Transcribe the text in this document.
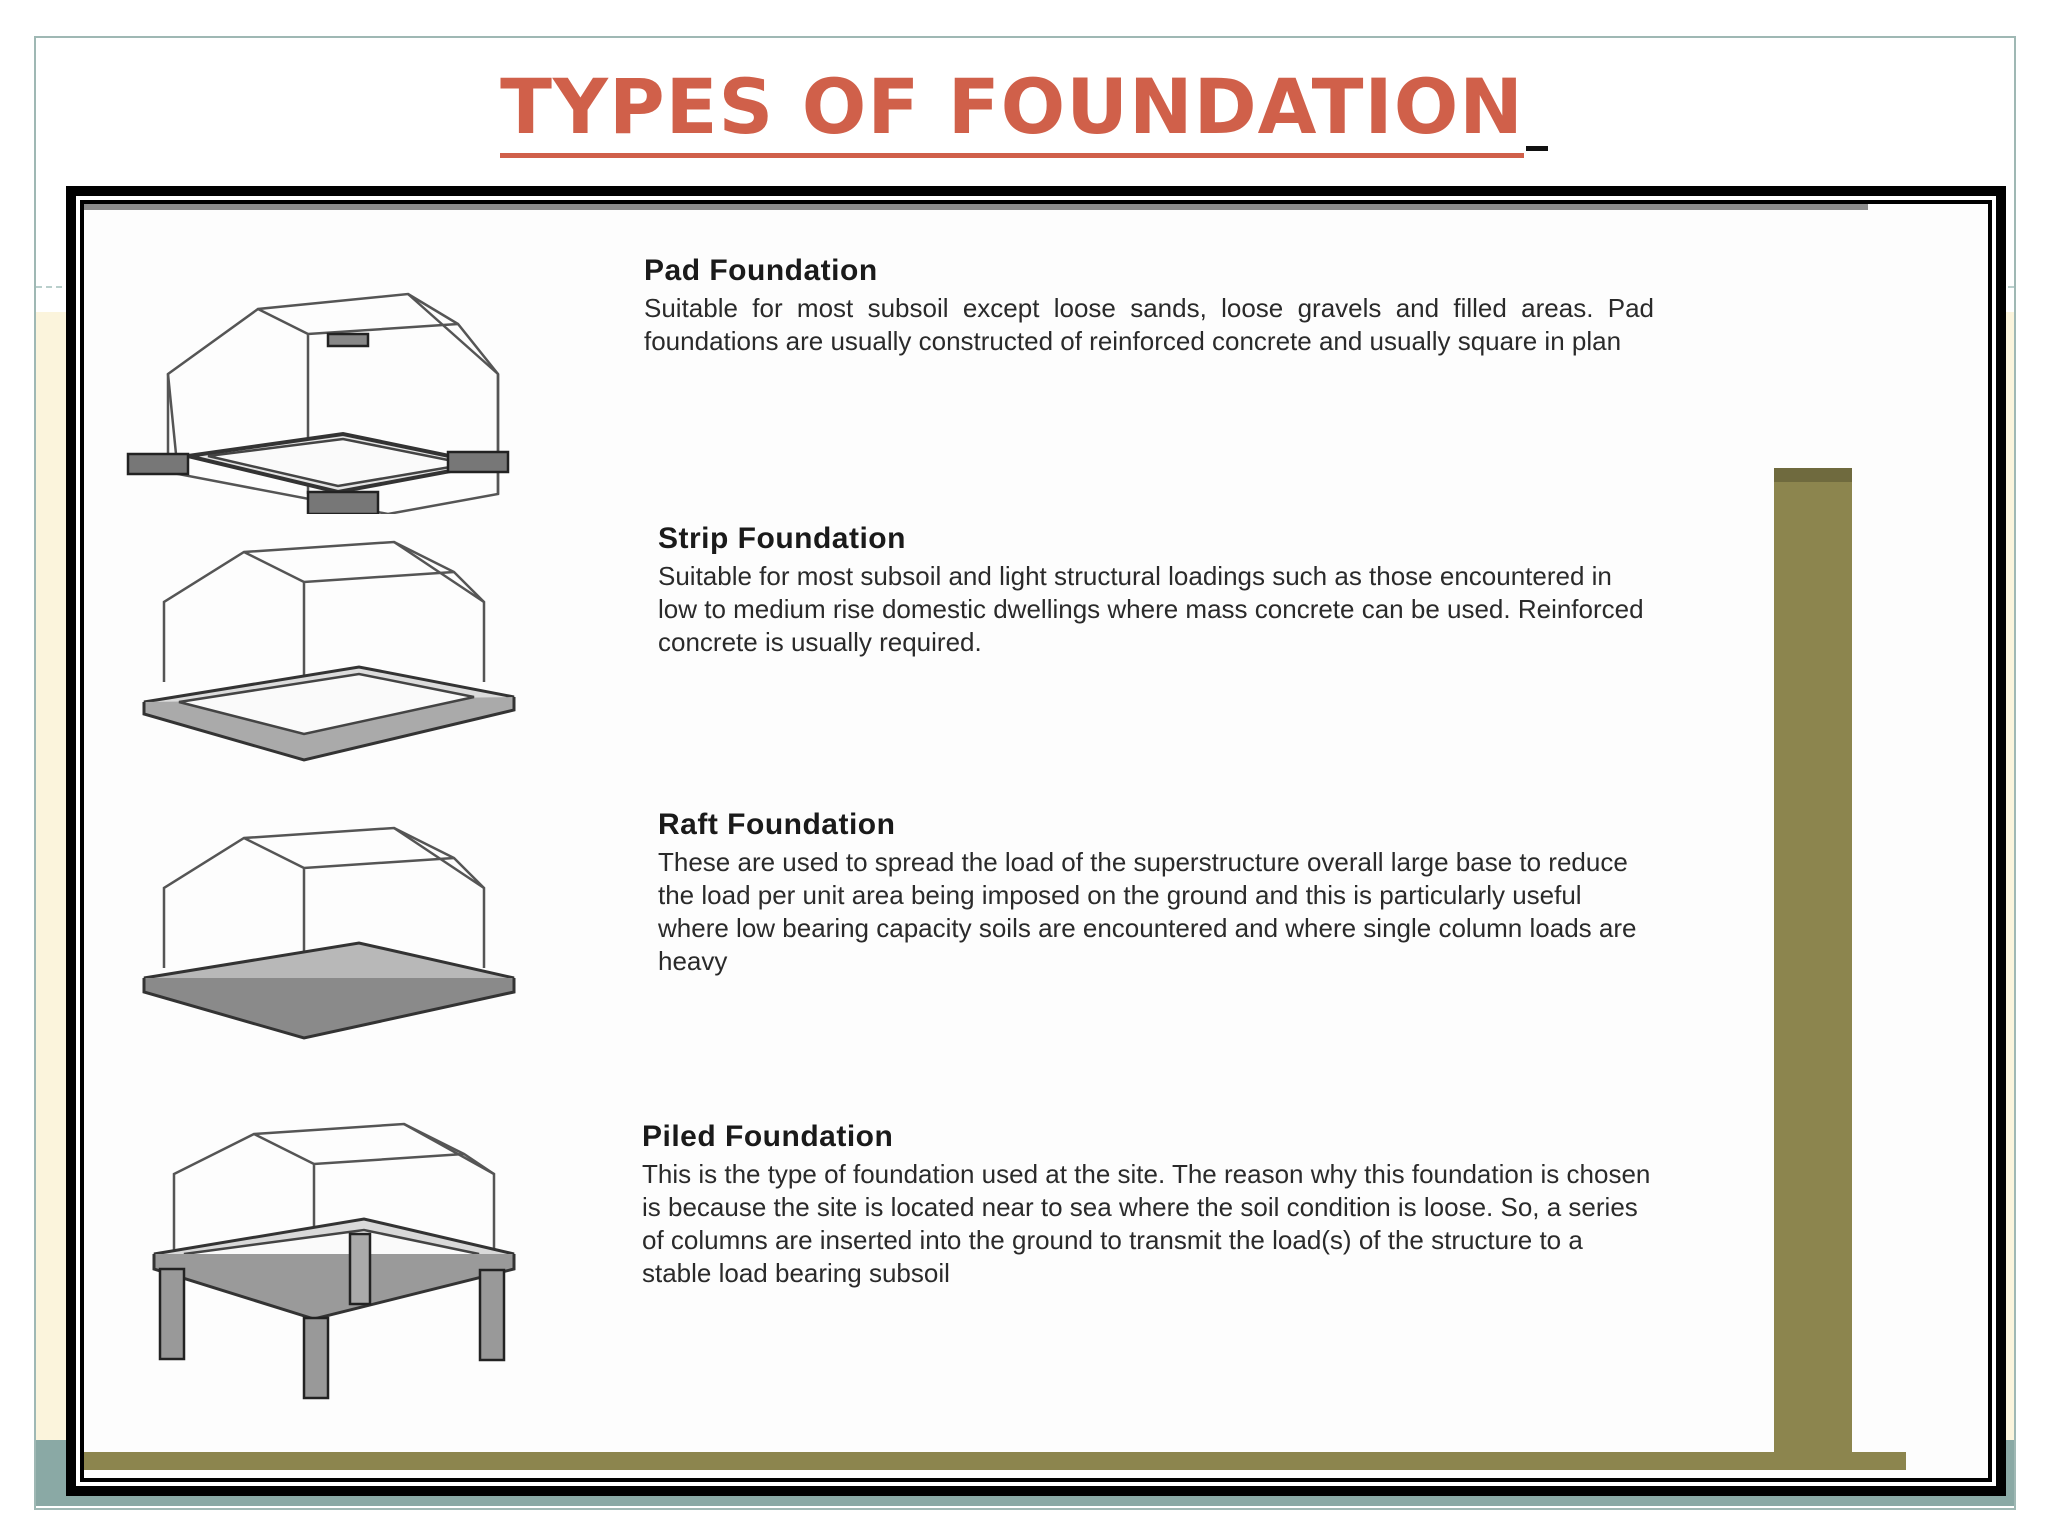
TYPES OF FOUNDATION
Pad Foundation
Suitable for most subsoil except loose sands, loose gravels and filled areas. Pad foundations are usually constructed of reinforced concrete and usually square in plan
Strip Foundation
Suitable for most subsoil and light structural loadings such as those encountered in low to medium rise domestic dwellings where mass concrete can be used. Reinforced concrete is usually required.
Raft Foundation
These are used to spread the load of the superstructure overall large base to reduce the load per unit area being imposed on the ground and this is particularly useful where low bearing capacity soils are encountered and where single column loads are heavy
Piled Foundation
This is the type of foundation used at the site. The reason why this foundation is chosen is because the site is located near to sea where the soil condition is loose. So, a series of columns are inserted into the ground to transmit the load(s) of the structure to a stable load bearing subsoil
